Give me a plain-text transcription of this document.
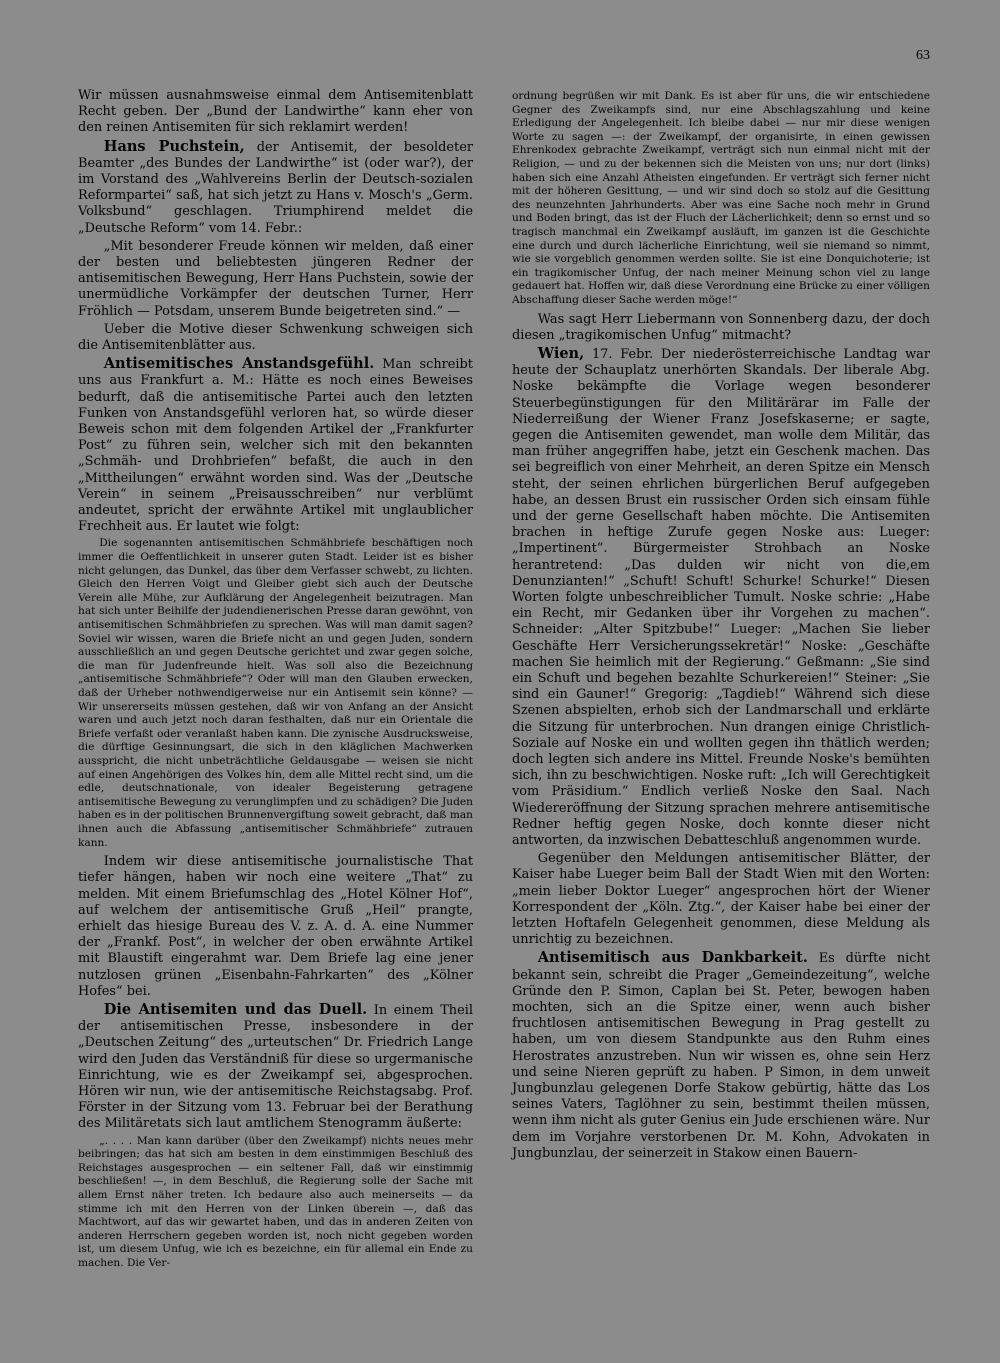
63

Wir müssen ausnahmsweise einmal dem Antisemitenblatt Recht geben. Der „Bund der Landwirthe“ kann eher von den reinen Antisemiten für sich reklamirt werden!

Hans Puchstein, der Antisemit, der besoldeter Beamter „des Bundes der Landwirthe“ ist (oder war?), der im Vorstand des „Wahlvereins Berlin der Deutsch-sozialen Reformpartei“ saß, hat sich jetzt zu Hans v. Mosch's „Germ. Volksbund“ geschlagen. Triumphirend meldet die „Deutsche Reform“ vom 14. Febr.:

„Mit besonderer Freude können wir melden, daß einer der besten und beliebtesten jüngeren Redner der antisemitischen Bewegung, Herr Hans Puchstein, sowie der unermüdliche Vorkämpfer der deutschen Turner, Herr Fröhlich — Potsdam, unserem Bunde beigetreten sind.“ —

Ueber die Motive dieser Schwenkung schweigen sich die Antisemitenblätter aus.

Antisemitisches Anstandsgefühl. Man schreibt uns aus Frankfurt a. M.: Hätte es noch eines Beweises bedurft, daß die antisemitische Partei auch den letzten Funken von Anstandsgefühl verloren hat, so würde dieser Beweis schon mit dem folgenden Artikel der „Frankfurter Post“ zu führen sein, welcher sich mit den bekannten „Schmäh- und Drohbriefen“ befaßt, die auch in den „Mittheilungen“ erwähnt worden sind. Was der „Deutsche Verein“ in seinem „Preisausschreiben“ nur verblümt andeutet, spricht der erwähnte Artikel mit unglaublicher Frechheit aus. Er lautet wie folgt:

Die sogenannten antisemitischen Schmähbriefe beschäftigen noch immer die Oeffentlichkeit in unserer guten Stadt. Leider ist es bisher nicht gelungen, das Dunkel, das über dem Verfasser schwebt, zu lichten. Gleich den Herren Voigt und Gleiber giebt sich auch der Deutsche Verein alle Mühe, zur Aufklärung der Angelegenheit beizutragen. Man hat sich unter Beihilfe der judendienerischen Presse daran gewöhnt, von antisemitischen Schmähbriefen zu sprechen. Was will man damit sagen? Soviel wir wissen, waren die Briefe nicht an und gegen Juden, sondern ausschließlich an und gegen Deutsche gerichtet und zwar gegen solche, die man für Judenfreunde hielt. Was soll also die Bezeichnung „antisemitische Schmähbriefe“? Oder will man den Glauben erwecken, daß der Urheber nothwendigerweise nur ein Antisemit sein könne? — Wir unsererseits müssen gestehen, daß wir von Anfang an der Ansicht waren und auch jetzt noch daran festhalten, daß nur ein Orientale die Briefe verfaßt oder veranlaßt haben kann. Die zynische Ausdrucksweise, die dürftige Gesinnungsart, die sich in den kläglichen Machwerken ausspricht, die nicht unbeträchtliche Geldausgabe — weisen sie nicht auf einen Angehörigen des Volkes hin, dem alle Mittel recht sind, um die edle, deutschnationale, von idealer Begeisterung getragene antisemitische Bewegung zu verunglimpfen und zu schädigen? Die Juden haben es in der politischen Brunnenvergiftung soweit gebracht, daß man ihnen auch die Abfassung „antisemitischer Schmähbriefe“ zutrauen kann.

Indem wir diese antisemitische journalistische That tiefer hängen, haben wir noch eine weitere „That“ zu melden. Mit einem Briefumschlag des „Hotel Kölner Hof“, auf welchem der antisemitische Gruß „Heil“ prangte, erhielt das hiesige Bureau des V. z. A. d. A. eine Nummer der „Frankf. Post“, in welcher der oben erwähnte Artikel mit Blaustift eingerahmt war. Dem Briefe lag eine jener nutzlosen grünen „Eisenbahn-Fahrkarten“ des „Kölner Hofes“ bei.

Die Antisemiten und das Duell. In einem Theil der antisemitischen Presse, insbesondere in der „Deutschen Zeitung“ des „urteutschen“ Dr. Friedrich Lange wird den Juden das Verständniß für diese so urgermanische Einrichtung, wie es der Zweikampf sei, abgesprochen. Hören wir nun, wie der antisemitische Reichstagsabg. Prof. Förster in der Sitzung vom 13. Februar bei der Berathung des Militäretats sich laut amtlichem Stenogramm äußerte:

„. . . . Man kann darüber (über den Zweikampf) nichts neues mehr beibringen; das hat sich am besten in dem einstimmigen Beschluß des Reichstages ausgesprochen — ein seltener Fall, daß wir einstimmig beschließen! —, in dem Beschluß, die Regierung solle der Sache mit allem Ernst näher treten. Ich bedaure also auch meinerseits — da stimme ich mit den Herren von der Linken überein —, daß das Machtwort, auf das wir gewartet haben, und das in anderen Zeiten von anderen Herrschern gegeben worden ist, noch nicht gegeben worden ist, um diesem Unfug, wie ich es bezeichne, ein für allemal ein Ende zu machen. Die Ver-

ordnung begrüßen wir mit Dank. Es ist aber für uns, die wir entschiedene Gegner des Zweikampfs sind, nur eine Abschlagszahlung und keine Erledigung der Angelegenheit. Ich bleibe dabei — nur mir diese wenigen Worte zu sagen —: der Zweikampf, der organisirte, in einen gewissen Ehrenkodex gebrachte Zweikampf, verträgt sich nun einmal nicht mit der Religion, — und zu der bekennen sich die Meisten von uns; nur dort (links) haben sich eine Anzahl Atheisten eingefunden. Er verträgt sich ferner nicht mit der höheren Gesittung, — und wir sind doch so stolz auf die Gesittung des neunzehnten Jahrhunderts. Aber was eine Sache noch mehr in Grund und Boden bringt, das ist der Fluch der Lächerlichkeit; denn so ernst und so tragisch manchmal ein Zweikampf ausläuft, im ganzen ist die Geschichte eine durch und durch lächerliche Einrichtung, weil sie niemand so nimmt, wie sie vorgeblich genommen werden sollte. Sie ist eine Donquichoterie; ist ein tragikomischer Unfug, der nach meiner Meinung schon viel zu lange gedauert hat. Hoffen wir, daß diese Verordnung eine Brücke zu einer völligen Abschaffung dieser Sache werden möge!“

Was sagt Herr Liebermann von Sonnenberg dazu, der doch diesen „tragikomischen Unfug“ mitmacht?

Wien, 17. Febr. Der niederösterreichische Landtag war heute der Schauplatz unerhörten Skandals. Der liberale Abg. Noske bekämpfte die Vorlage wegen besonderer Steuerbegünstigungen für den Militärärar im Falle der Niederreißung der Wiener Franz Josefskaserne; er sagte, gegen die Antisemiten gewendet, man wolle dem Militär, das man früher angegriffen habe, jetzt ein Geschenk machen. Das sei begreiflich von einer Mehrheit, an deren Spitze ein Mensch steht, der seinen ehrlichen bürgerlichen Beruf aufgegeben habe, an dessen Brust ein russischer Orden sich einsam fühle und der gerne Gesellschaft haben möchte. Die Antisemiten brachen in heftige Zurufe gegen Noske aus: Lueger: „Impertinent“. Bürgermeister Strohbach an Noske herantretend: „Das dulden wir nicht von die,em Denunzianten!“ „Schuft! Schuft! Schurke! Schurke!“ Diesen Worten folgte unbeschreiblicher Tumult. Noske schrie: „Habe ein Recht, mir Gedanken über ihr Vorgehen zu machen“. Schneider: „Alter Spitzbube!“ Lueger: „Machen Sie lieber Geschäfte Herr Versicherungssekretär!“ Noske: „Geschäfte machen Sie heimlich mit der Regierung.“ Geßmann: „Sie sind ein Schuft und begehen bezahlte Schurkereien!“ Steiner: „Sie sind ein Gauner!“ Gregorig: „Tagdieb!“ Während sich diese Szenen abspielten, erhob sich der Landmarschall und erklärte die Sitzung für unterbrochen. Nun drangen einige Christlich-Soziale auf Noske ein und wollten gegen ihn thätlich werden; doch legten sich andere ins Mittel. Freunde Noske's bemühten sich, ihn zu beschwichtigen. Noske ruft: „Ich will Gerechtigkeit vom Präsidium.“ Endlich verließ Noske den Saal. Nach Wiedereröffnung der Sitzung sprachen mehrere antisemitische Redner heftig gegen Noske, doch konnte dieser nicht antworten, da inzwischen Debatteschluß angenommen wurde.

Gegenüber den Meldungen antisemitischer Blätter, der Kaiser habe Lueger beim Ball der Stadt Wien mit den Worten: „mein lieber Doktor Lueger“ angesprochen hört der Wiener Korrespondent der „Köln. Ztg.“, der Kaiser habe bei einer der letzten Hoftafeln Gelegenheit genommen, diese Meldung als unrichtig zu bezeichnen.

Antisemitisch aus Dankbarkeit. Es dürfte nicht bekannt sein, schreibt die Prager „Gemeindezeitung“, welche Gründe den P. Simon, Caplan bei St. Peter, bewogen haben mochten, sich an die Spitze einer, wenn auch bisher fruchtlosen antisemitischen Bewegung in Prag gestellt zu haben, um von diesem Standpunkte aus den Ruhm eines Herostrates anzustreben. Nun wir wissen es, ohne sein Herz und seine Nieren geprüft zu haben. P Simon, in dem unweit Jungbunzlau gelegenen Dorfe Stakow gebürtig, hätte das Los seines Vaters, Taglöhner zu sein, bestimmt theilen müssen, wenn ihm nicht als guter Genius ein Jude erschienen wäre. Nur dem im Vorjahre verstorbenen Dr. M. Kohn, Advokaten in Jungbunzlau, der seinerzeit in Stakow einen Bauern-
